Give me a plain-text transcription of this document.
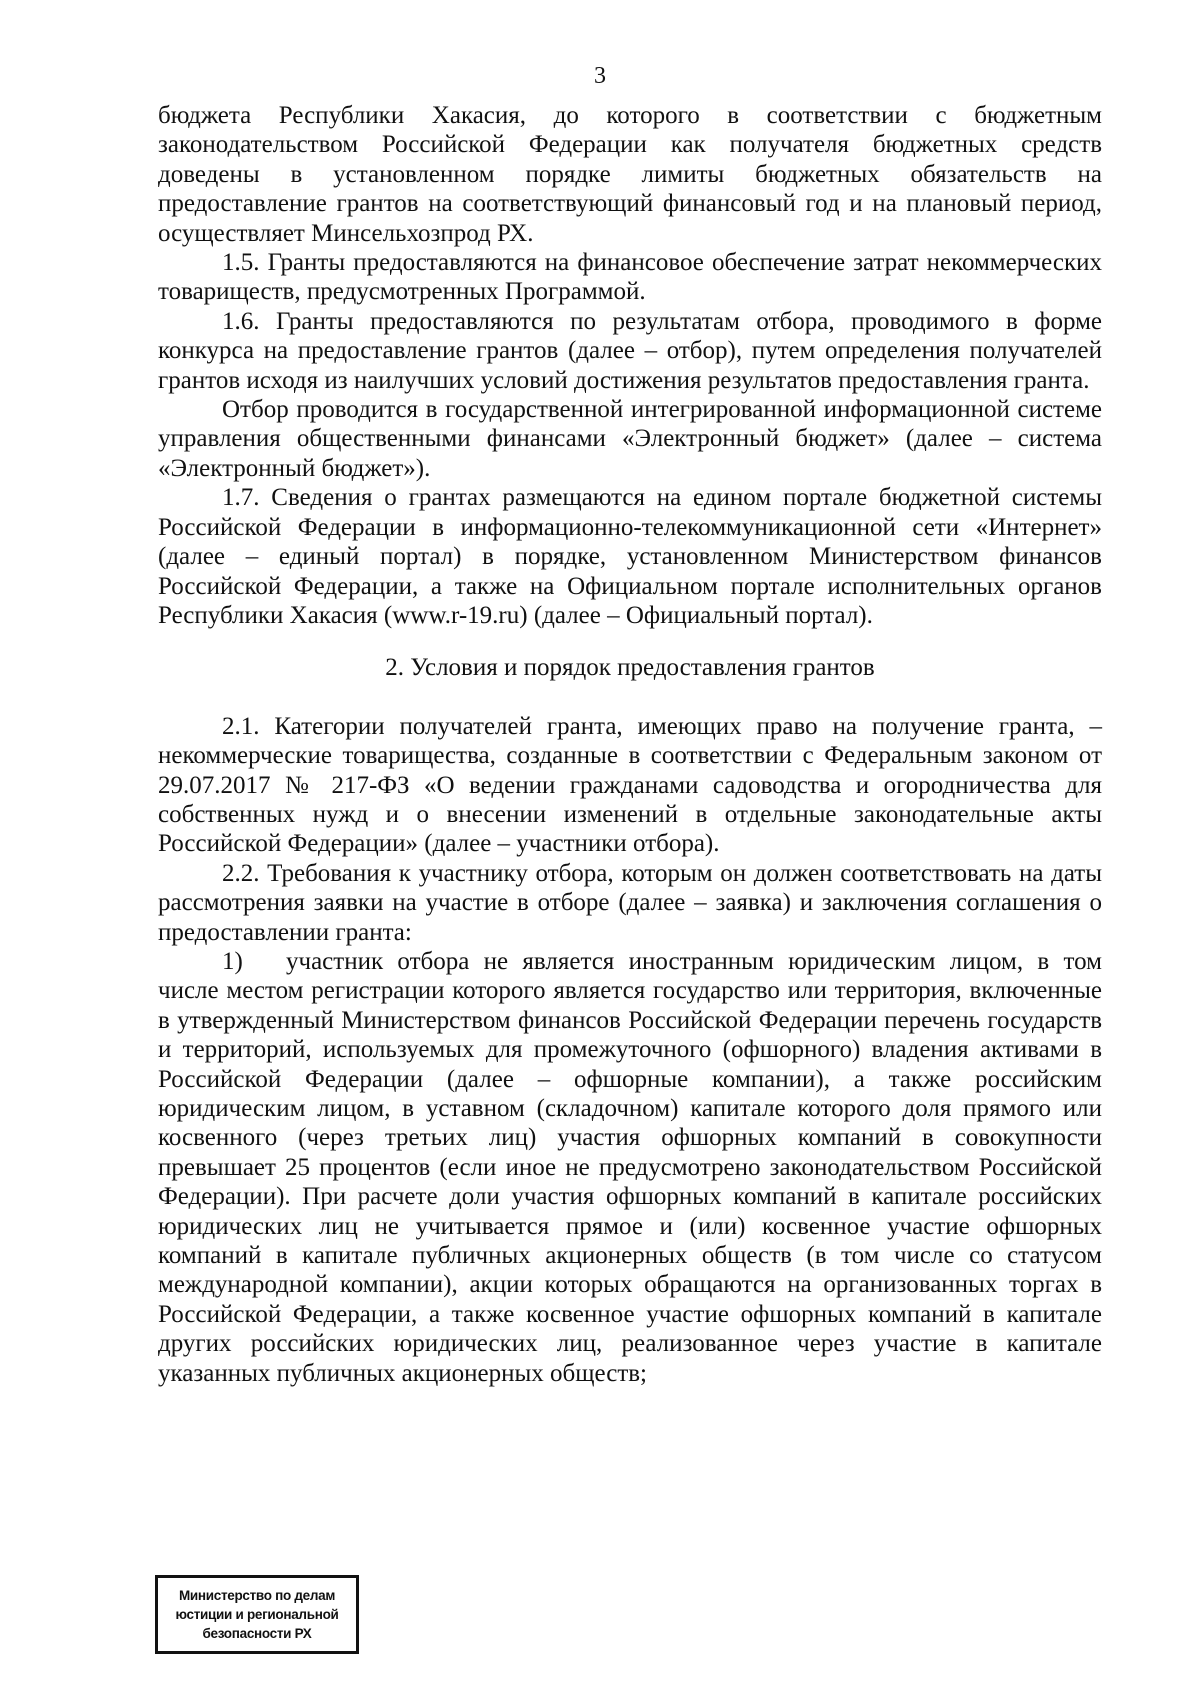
3

бюджета Республики Хакасия, до которого в соответствии с бюджетным законодательством Российской Федерации как получателя бюджетных средств доведены в установленном порядке лимиты бюджетных обязательств на предоставление грантов на соответствующий финансовый год и на плановый период, осуществляет Минсельхозпрод РХ.

1.5. Гранты предоставляются на финансовое обеспечение затрат некоммерческих товариществ, предусмотренных Программой.

1.6. Гранты предоставляются по результатам отбора, проводимого в форме конкурса на предоставление грантов (далее – отбор), путем определения получателей грантов исходя из наилучших условий достижения результатов предоставления гранта.

Отбор проводится в государственной интегрированной информационной системе управления общественными финансами «Электронный бюджет» (далее – система «Электронный бюджет»).

1.7. Сведения о грантах размещаются на едином портале бюджетной системы Российской Федерации в информационно-телекоммуникационной сети «Интернет» (далее – единый портал) в порядке, установленном Министерством финансов Российской Федерации, а также на Официальном портале исполнительных органов Республики Хакасия (www.r-19.ru) (далее – Официальный портал).

2. Условия и порядок предоставления грантов

2.1. Категории получателей гранта, имеющих право на получение гранта, – некоммерческие товарищества, созданные в соответствии с Федеральным законом от 29.07.2017 № 217-ФЗ «О ведении гражданами садоводства и огородничества для собственных нужд и о внесении изменений в отдельные законодательные акты Российской Федерации» (далее – участники отбора).

2.2. Требования к участнику отбора, которым он должен соответствовать на даты рассмотрения заявки на участие в отборе (далее – заявка) и заключения соглашения о предоставлении гранта:

1) участник отбора не является иностранным юридическим лицом, в том числе местом регистрации которого является государство или территория, включенные в утвержденный Министерством финансов Российской Федерации перечень государств и территорий, используемых для промежуточного (офшорного) владения активами в Российской Федерации (далее – офшорные компании), а также российским юридическим лицом, в уставном (складочном) капитале которого доля прямого или косвенного (через третьих лиц) участия офшорных компаний в совокупности превышает 25 процентов (если иное не предусмотрено законодательством Российской Федерации). При расчете доли участия офшорных компаний в капитале российских юридических лиц не учитывается прямое и (или) косвенное участие офшорных компаний в капитале публичных акционерных обществ (в том числе со статусом международной компании), акции которых обращаются на организованных торгах в Российской Федерации, а также косвенное участие офшорных компаний в капитале других российских юридических лиц, реализованное через участие в капитале указанных публичных акционерных обществ;

Министерство по делам
юстиции и региональной
безопасности РХ
